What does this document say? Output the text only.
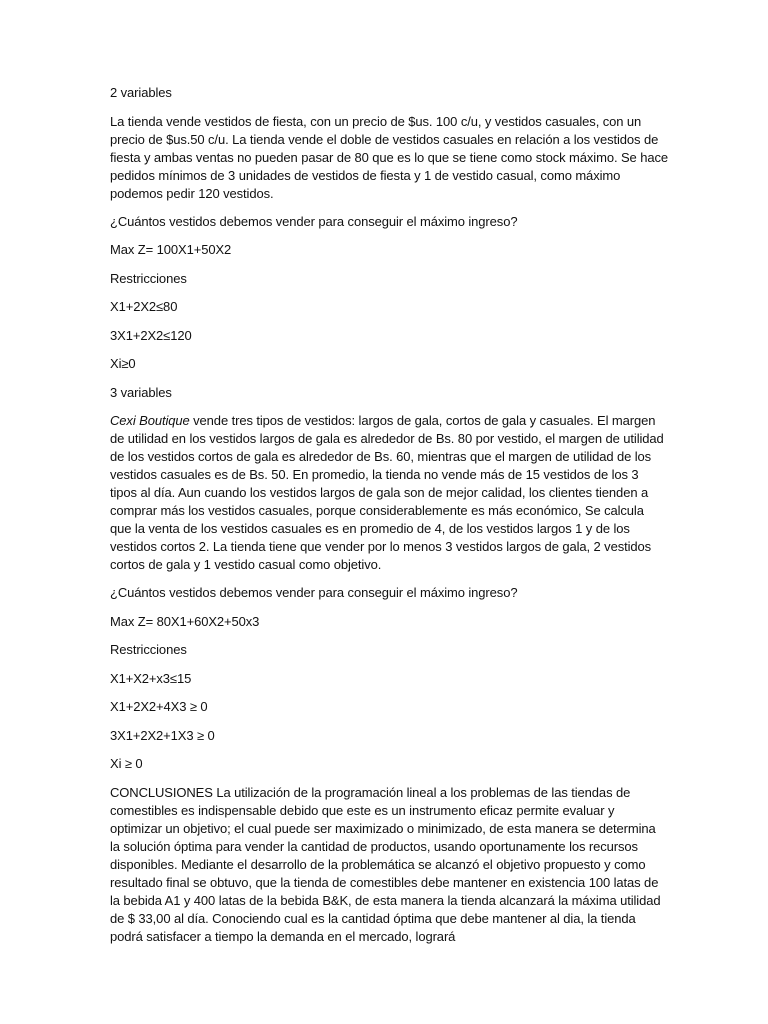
2 variables

La tienda vende vestidos de fiesta, con un precio de $us. 100 c/u, y vestidos casuales, con un precio de $us.50 c/u. La tienda vende el doble de vestidos casuales en relación a los vestidos de fiesta y ambas ventas no pueden pasar de 80 que es lo que se tiene como stock máximo. Se hace pedidos mínimos de 3 unidades de vestidos de fiesta y 1 de vestido casual, como máximo podemos pedir 120 vestidos.

¿Cuántos vestidos debemos vender para conseguir el máximo ingreso?

Max Z= 100X1+50X2

Restricciones

X1+2X2≤80

3X1+2X2≤120

Xi≥0

3 variables

Cexi Boutique vende tres tipos de vestidos: largos de gala, cortos de gala y casuales. El margen de utilidad en los vestidos largos de gala es alrededor de Bs. 80 por vestido, el margen de utilidad de los vestidos cortos de gala es alrededor de Bs. 60, mientras que el margen de utilidad de los vestidos casuales es de Bs. 50. En promedio, la tienda no vende más de 15 vestidos de los 3 tipos al día. Aun cuando los vestidos largos de gala son de mejor calidad, los clientes tienden a comprar más los vestidos casuales, porque considerablemente es más económico, Se calcula que la venta de los vestidos casuales es en promedio de 4, de los vestidos largos 1 y de los vestidos cortos 2. La tienda tiene que vender por lo menos 3 vestidos largos de gala, 2 vestidos cortos de gala y 1 vestido casual como objetivo.

¿Cuántos vestidos debemos vender para conseguir el máximo ingreso?

Max Z= 80X1+60X2+50x3

Restricciones

X1+X2+x3≤15

X1+2X2+4X3 ≥ 0

3X1+2X2+1X3 ≥ 0

Xi ≥ 0

CONCLUSIONES La utilización de la programación lineal a los problemas de las tiendas de comestibles es indispensable debido que este es un instrumento eficaz permite evaluar y optimizar un objetivo; el cual puede ser maximizado o minimizado, de esta manera se determina la solución óptima para vender la cantidad de productos, usando oportunamente los recursos disponibles. Mediante el desarrollo de la problemática se alcanzó el objetivo propuesto y como resultado final se obtuvo, que la tienda de comestibles debe mantener en existencia 100 latas de la bebida A1 y 400 latas de la bebida B&K, de esta manera la tienda alcanzará la máxima utilidad de $ 33,00 al día. Conociendo cual es la cantidad óptima que debe mantener al dia, la tienda podrá satisfacer a tiempo la demanda en el mercado, logrará
